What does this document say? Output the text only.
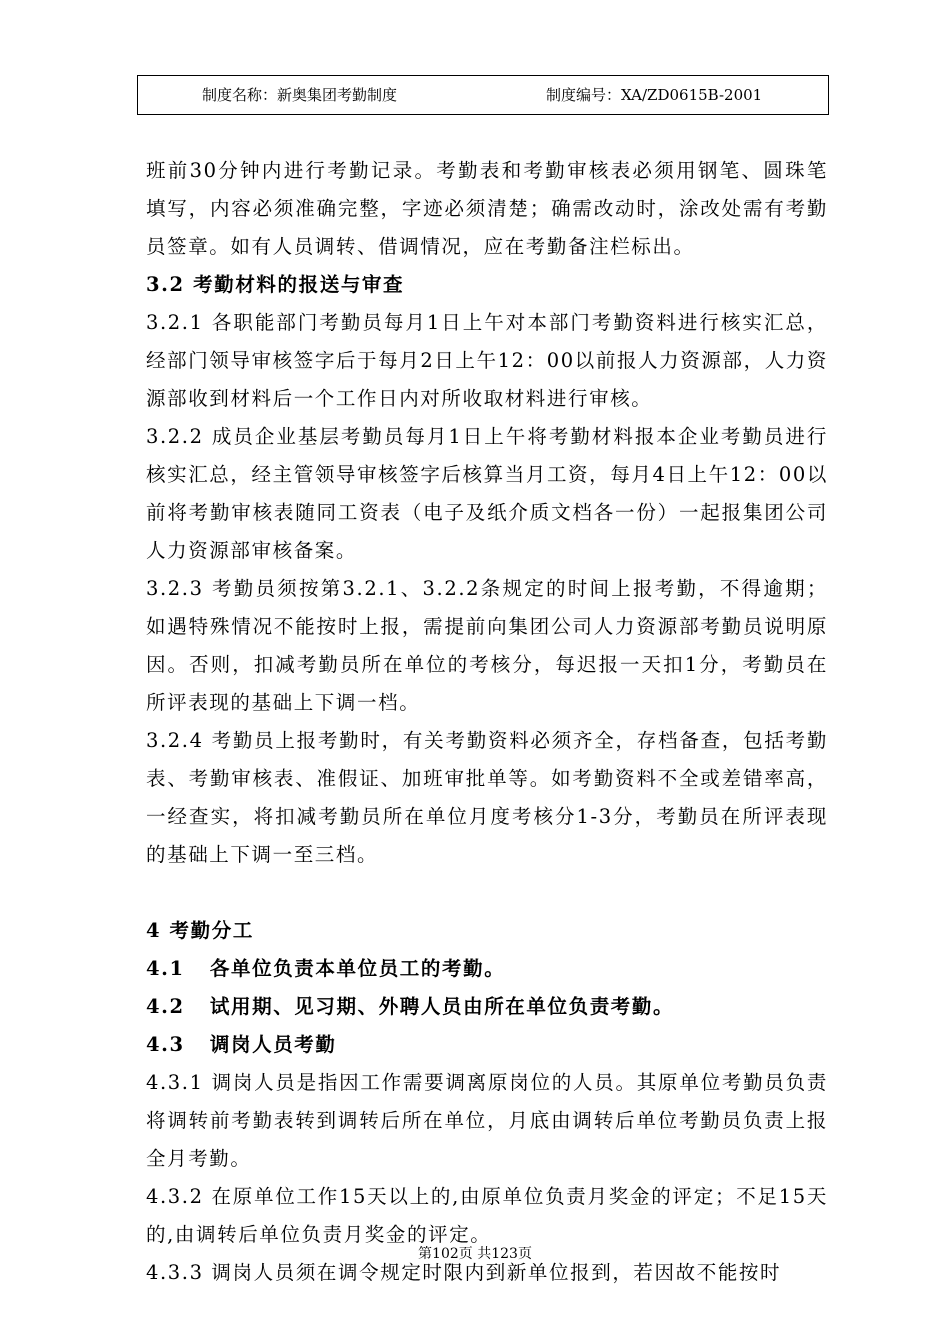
制度名称：新奥集团考勤制度	制度编号：XA/ZD0615B-2001

班前30分钟内进行考勤记录。考勤表和考勤审核表必须用钢笔、圆珠笔填写，内容必须准确完整，字迹必须清楚；确需改动时，涂改处需有考勤员签章。如有人员调转、借调情况，应在考勤备注栏标出。

3.2 考勤材料的报送与审查

3.2.1 各职能部门考勤员每月1日上午对本部门考勤资料进行核实汇总，经部门领导审核签字后于每月2日上午12：00以前报人力资源部，人力资源部收到材料后一个工作日内对所收取材料进行审核。

3.2.2 成员企业基层考勤员每月1日上午将考勤材料报本企业考勤员进行核实汇总，经主管领导审核签字后核算当月工资，每月4日上午12：00以前将考勤审核表随同工资表（电子及纸介质文档各一份）一起报集团公司人力资源部审核备案。

3.2.3 考勤员须按第3.2.1、3.2.2条规定的时间上报考勤，不得逾期；如遇特殊情况不能按时上报，需提前向集团公司人力资源部考勤员说明原因。否则，扣减考勤员所在单位的考核分，每迟报一天扣1分，考勤员在所评表现的基础上下调一档。

3.2.4 考勤员上报考勤时，有关考勤资料必须齐全，存档备查，包括考勤表、考勤审核表、准假证、加班审批单等。如考勤资料不全或差错率高，一经查实，将扣减考勤员所在单位月度考核分1-3分，考勤员在所评表现的基础上下调一至三档。

4 考勤分工

4.1 各单位负责本单位员工的考勤。

4.2 试用期、见习期、外聘人员由所在单位负责考勤。

4.3 调岗人员考勤

4.3.1 调岗人员是指因工作需要调离原岗位的人员。其原单位考勤员负责将调转前考勤表转到调转后所在单位，月底由调转后单位考勤员负责上报全月考勤。

4.3.2 在原单位工作15天以上的,由原单位负责月奖金的评定；不足15天的,由调转后单位负责月奖金的评定。

4.3.3 调岗人员须在调令规定时限内到新单位报到，若因故不能按时

第102页 共123页
